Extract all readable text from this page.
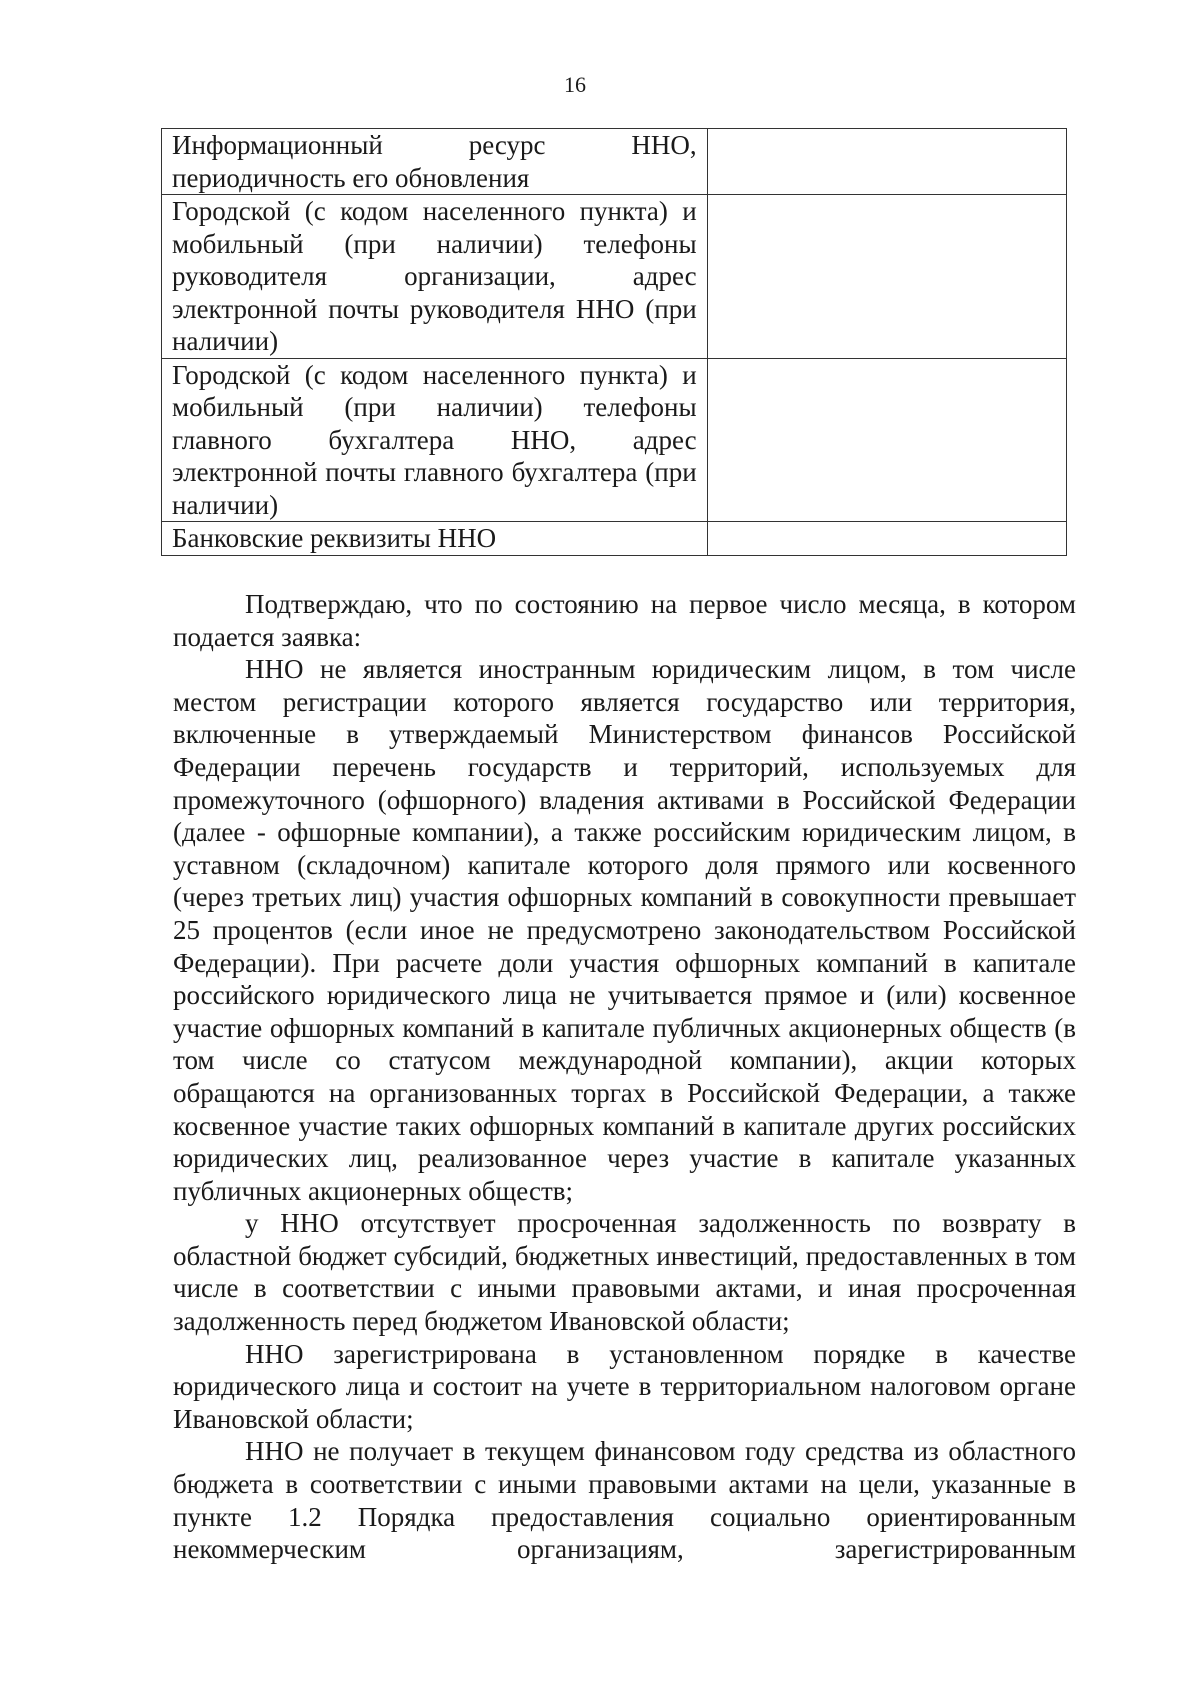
16
Информационный ресурс ННО, периодичность его обновления	
Городской (с кодом населенного пункта) и мобильный (при наличии) телефоны руководителя организации, адрес электронной почты руководителя ННО (при наличии)	
Городской (с кодом населенного пункта) и мобильный (при наличии) телефоны главного бухгалтера ННО, адрес электронной почты главного бухгалтера (при наличии)	
Банковские реквизиты ННО	

Подтверждаю, что по состоянию на первое число месяца, в котором подается заявка:

ННО не является иностранным юридическим лицом, в том числе местом регистрации которого является государство или территория, включенные в утверждаемый Министерством финансов Российской Федерации перечень государств и территорий, используемых для промежуточного (офшорного) владения активами в Российской Федерации (далее - офшорные компании), а также российским юридическим лицом, в уставном (складочном) капитале которого доля прямого или косвенного (через третьих лиц) участия офшорных компаний в совокупности превышает 25 процентов (если иное не предусмотрено законодательством Российской Федерации). При расчете доли участия офшорных компаний в капитале российского юридического лица не учитывается прямое и (или) косвенное участие офшорных компаний в капитале публичных акционерных обществ (в том числе со статусом международной компании), акции которых обращаются на организованных торгах в Российской Федерации, а также косвенное участие таких офшорных компаний в капитале других российских юридических лиц, реализованное через участие в капитале указанных публичных акционерных обществ;

у ННО отсутствует просроченная задолженность по возврату в областной бюджет субсидий, бюджетных инвестиций, предоставленных в том числе в соответствии с иными правовыми актами, и иная просроченная задолженность перед бюджетом Ивановской области;

ННО зарегистрирована в установленном порядке в качестве юридического лица и состоит на учете в территориальном налоговом органе Ивановской области;

ННО не получает в текущем финансовом году средства из областного бюджета в соответствии с иными правовыми актами на цели, указанные в пункте 1.2 Порядка предоставления социально ориентированным некоммерческим организациям, зарегистрированным
